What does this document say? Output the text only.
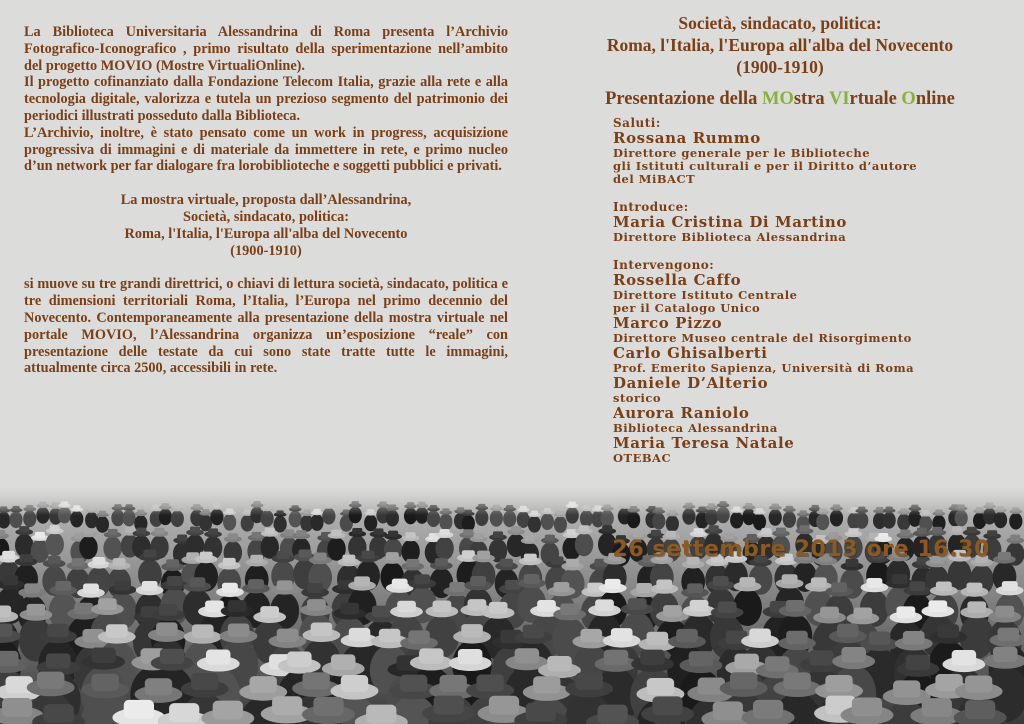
La Biblioteca Universitaria Alessandrina di Roma presenta l’Archivio Fotografico-Iconografico , primo risultato della sperimentazione nell’ambito del progetto MOVIO (Mostre VirtualiOnline).

Il progetto cofinanziato dalla Fondazione Telecom Italia, grazie alla rete e alla tecnologia digitale, valorizza e tutela un prezioso segmento del patrimonio dei periodici illustrati posseduto dalla Biblioteca.

L’Archivio, inoltre, è stato pensato come un work in progress, acquisizione progressiva di immagini e di materiale da immettere in rete, e primo nucleo d’un network per far dialogare fra lorobiblioteche e soggetti pubblici e privati.

La mostra virtuale, proposta dall’Alessandrina,

Società, sindacato, politica:

Roma, l'Italia, l'Europa all'alba del Novecento

(1900-1910)

si muove su tre grandi direttrici, o chiavi di lettura società, sindacato, politica e tre dimensioni territoriali Roma, l’Italia, l’Europa nel primo decennio del Novecento. Contemporaneamente alla presentazione della mostra virtuale nel portale MOVIO, l’Alessandrina organizza un’esposizione “reale” con presentazione delle testate da cui sono state tratte tutte le immagini, attualmente circa 2500, accessibili in rete.

Società, sindacato, politica:
Roma, l'Italia, l'Europa all'alba del Novecento
(1900-1910)
Presentazione della MOstra VIrtuale Online
Saluti:
Rossana Rummo
Direttore generale per le Biblioteche
gli Istituti culturali e per il Diritto d’autore
del MiBACT
Introduce:
Maria Cristina Di Martino
Direttore Biblioteca Alessandrina
Intervengono:
Rossella Caffo
Direttore Istituto Centrale
per il Catalogo Unico
Marco Pizzo
Direttore Museo centrale del Risorgimento
Carlo Ghisalberti
Prof. Emerito Sapienza, Università di Roma
Daniele D’Alterio
storico
Aurora Raniolo
Biblioteca Alessandrina
Maria Teresa Natale
OTEBAC
26 settembre 2013 ore 16.30
